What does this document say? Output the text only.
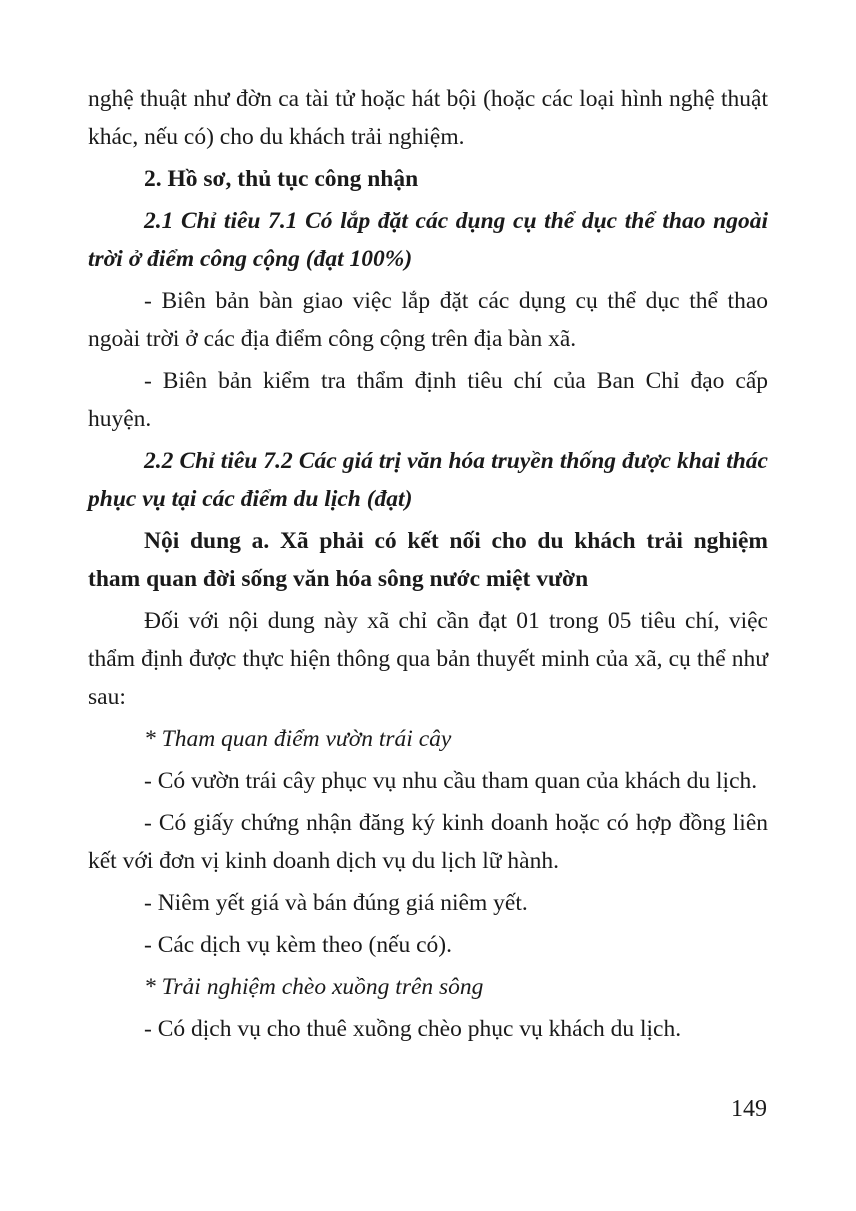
nghệ thuật như đờn ca tài tử hoặc hát bội (hoặc các loại hình nghệ thuật khác, nếu có) cho du khách trải nghiệm.

2. Hồ sơ, thủ tục công nhận

2.1 Chỉ tiêu 7.1 Có lắp đặt các dụng cụ thể dục thể thao ngoài trời ở điểm công cộng (đạt 100%)

- Biên bản bàn giao việc lắp đặt các dụng cụ thể dục thể thao ngoài trời ở các địa điểm công cộng trên địa bàn xã.

- Biên bản kiểm tra thẩm định tiêu chí của Ban Chỉ đạo cấp huyện.

2.2 Chỉ tiêu 7.2 Các giá trị văn hóa truyền thống được khai thác phục vụ tại các điểm du lịch (đạt)

Nội dung a. Xã phải có kết nối cho du khách trải nghiệm tham quan đời sống văn hóa sông nước miệt vườn

Đối với nội dung này xã chỉ cần đạt 01 trong 05 tiêu chí, việc thẩm định được thực hiện thông qua bản thuyết minh của xã, cụ thể như sau:

* Tham quan điểm vườn trái cây

- Có vườn trái cây phục vụ nhu cầu tham quan của khách du lịch.

- Có giấy chứng nhận đăng ký kinh doanh hoặc có hợp đồng liên kết với đơn vị kinh doanh dịch vụ du lịch lữ hành.

- Niêm yết giá và bán đúng giá niêm yết.

- Các dịch vụ kèm theo (nếu có).

* Trải nghiệm chèo xuồng trên sông

- Có dịch vụ cho thuê xuồng chèo phục vụ khách du lịch.

149
